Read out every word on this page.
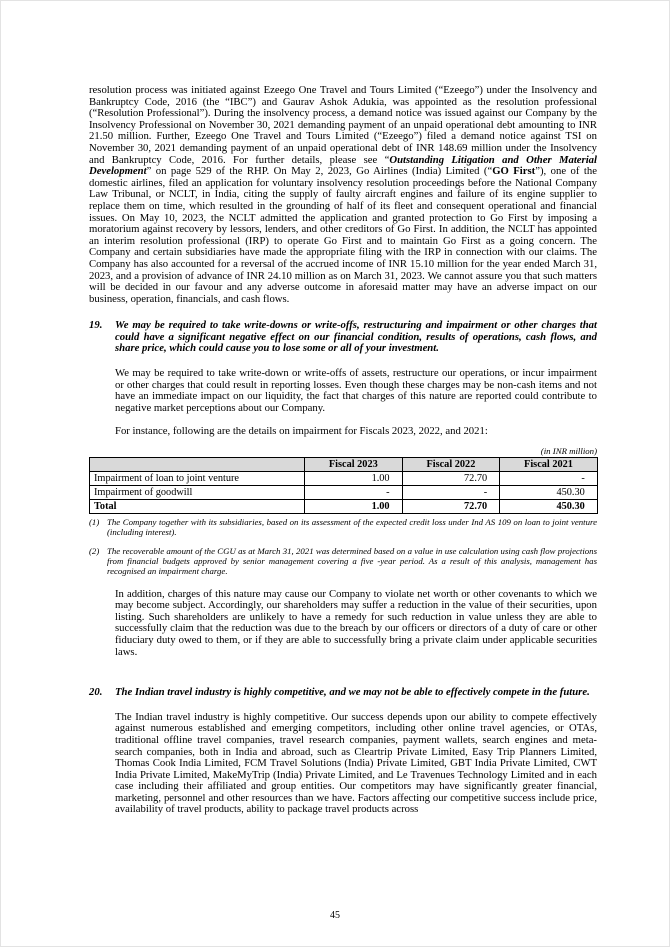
resolution process was initiated against Ezeego One Travel and Tours Limited (“Ezeego”) under the Insolvency and Bankruptcy Code, 2016 (the “IBC”) and Gaurav Ashok Adukia, was appointed as the resolution professional (“Resolution Professional”). During the insolvency process, a demand notice was issued against our Company by the Insolvency Professional on November 30, 2021 demanding payment of an unpaid operational debt amounting to INR 21.50 million. Further, Ezeego One Travel and Tours Limited (“Ezeego”) filed a demand notice against TSI on November 30, 2021 demanding payment of an unpaid operational debt of INR 148.69 million under the Insolvency and Bankruptcy Code, 2016. For further details, please see “Outstanding Litigation and Other Material Development” on page 529 of the RHP. On May 2, 2023, Go Airlines (India) Limited (“GO First”), one of the domestic airlines, filed an application for voluntary insolvency resolution proceedings before the National Company Law Tribunal, or NCLT, in India, citing the supply of faulty aircraft engines and failure of its engine supplier to replace them on time, which resulted in the grounding of half of its fleet and consequent operational and financial issues. On May 10, 2023, the NCLT admitted the application and granted protection to Go First by imposing a moratorium against recovery by lessors, lenders, and other creditors of Go First. In addition, the NCLT has appointed an interim resolution professional (IRP) to operate Go First and to maintain Go First as a going concern. The Company and certain subsidiaries have made the appropriate filing with the IRP in connection with our claims. The Company has also accounted for a reversal of the accrued income of INR 15.10 million for the year ended March 31, 2023, and a provision of advance of INR 24.10 million as on March 31, 2023. We cannot assure you that such matters will be decided in our favour and any adverse outcome in aforesaid matter may have an adverse impact on our business, operation, financials, and cash flows.

19.	We may be required to take write-downs or write-offs, restructuring and impairment or other charges that could have a significant negative effect on our financial condition, results of operations, cash flows, and share price, which could cause you to lose some or all of your investment.

We may be required to take write-down or write-offs of assets, restructure our operations, or incur impairment or other charges that could result in reporting losses. Even though these charges may be non-cash items and not have an immediate impact on our liquidity, the fact that charges of this nature are reported could contribute to negative market perceptions about our Company.

For instance, following are the details on impairment for Fiscals 2023, 2022, and 2021:

(in INR million)
	Fiscal 2023	Fiscal 2022	Fiscal 2021
Impairment of loan to joint venture	1.00	72.70	-
Impairment of goodwill	-	-	450.30
Total	1.00	72.70	450.30
(1) The Company together with its subsidiaries, based on its assessment of the expected credit loss under Ind AS 109 on loan to joint venture (including interest).
(2) The recoverable amount of the CGU as at March 31, 2021 was determined based on a value in use calculation using cash flow projections from financial budgets approved by senior management covering a five -year period. As a result of this analysis, management has recognised an impairment charge.

In addition, charges of this nature may cause our Company to violate net worth or other covenants to which we may become subject. Accordingly, our shareholders may suffer a reduction in the value of their securities, upon listing. Such shareholders are unlikely to have a remedy for such reduction in value unless they are able to successfully claim that the reduction was due to the breach by our officers or directors of a duty of care or other fiduciary duty owed to them, or if they are able to successfully bring a private claim under applicable securities laws.

20.	The Indian travel industry is highly competitive, and we may not be able to effectively compete in the future.

The Indian travel industry is highly competitive. Our success depends upon our ability to compete effectively against numerous established and emerging competitors, including other online travel agencies, or OTAs, traditional offline travel companies, travel research companies, payment wallets, search engines and meta-search companies, both in India and abroad, such as Cleartrip Private Limited, Easy Trip Planners Limited, Thomas Cook India Limited, FCM Travel Solutions (India) Private Limited, GBT India Private Limited, CWT India Private Limited, MakeMyTrip (India) Private Limited, and Le Travenues Technology Limited and in each case including their affiliated and group entities. Our competitors may have significantly greater financial, marketing, personnel and other resources than we have. Factors affecting our competitive success include price, availability of travel products, ability to package travel products across

45
